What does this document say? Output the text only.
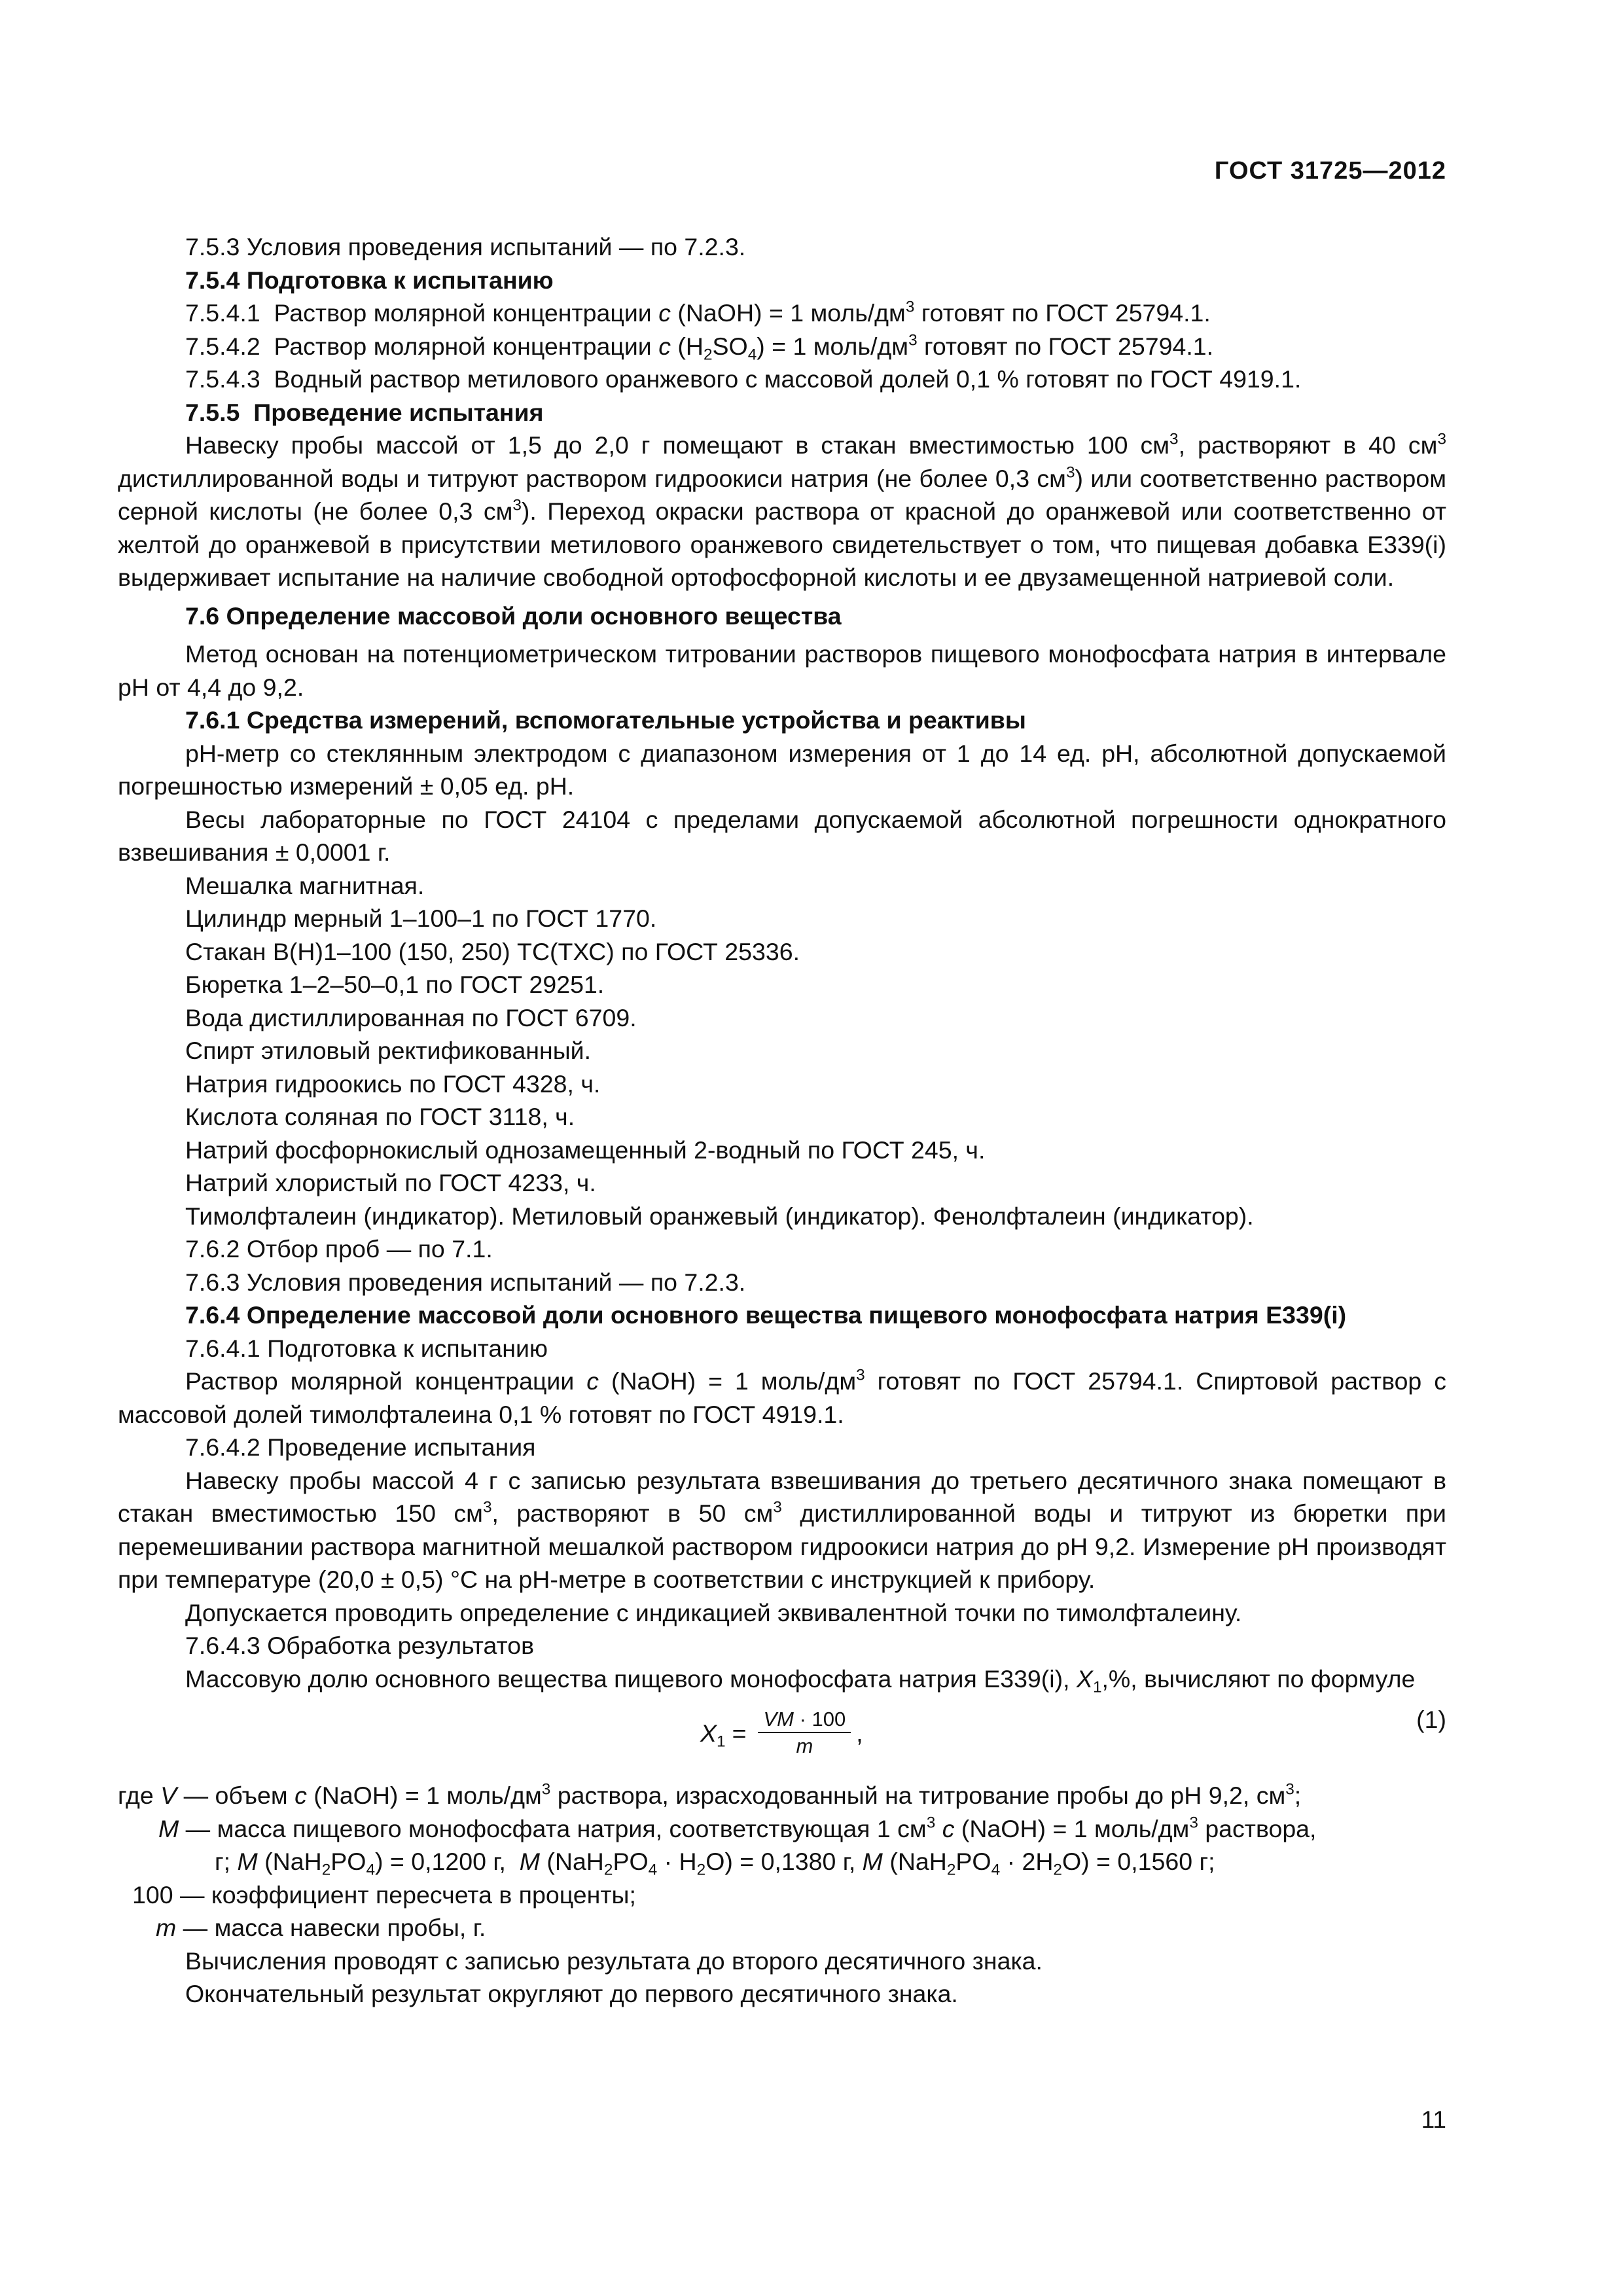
ГОСТ 31725—2012

7.5.3 Условия проведения испытаний — по 7.2.3.

7.5.4 Подготовка к испытанию

7.5.4.1  Раствор молярной концентрации c (NaOH) = 1 моль/$дм^3$ готовят по ГОСТ 25794.1.

7.5.4.2  Раствор молярной концентрации c $(H_2SO_4) = 1$ моль/$дм^3$ готовят по ГОСТ 25794.1.

7.5.4.3  Водный раствор метилового оранжевого с массовой долей 0,1 % готовят по ГОСТ 4919.1.

7.5.5  Проведение испытания

Навеску пробы массой от 1,5 до 2,0 г помещают в стакан вместимостью 100 $см^3$, растворяют в 40 $см^3$ дистиллированной воды и титруют раствором гидроокиси натрия (не более 0,3 $см^3$) или соответственно раствором серной кислоты (не более 0,3 $см^3$). Переход окраски раствора от красной до оранжевой или соответственно от желтой до оранжевой в присутствии метилового оранжевого свидетельствует о том, что пищевая добавка Е339(i) выдерживает испытание на наличие свободной ортофосфорной кислоты и ее двузамещенной натриевой соли.

7.6 Определение массовой доли основного вещества

Метод основан на потенциометрическом титровании растворов пищевого монофосфата натрия в интервале pH от 4,4 до 9,2.

7.6.1 Средства измерений, вспомогательные устройства и реактивы

pH-метр со стеклянным электродом с диапазоном измерения от 1 до 14 ед. pH, абсолютной допускаемой погрешностью измерений ± 0,05 ед. pH.

Весы лабораторные по ГОСТ 24104 с пределами допускаемой абсолютной погрешности однократного взвешивания ± 0,0001 г.

Мешалка магнитная.

Цилиндр мерный 1–100–1 по ГОСТ 1770.

Стакан В(Н)1–100 (150, 250) ТС(ТХС) по ГОСТ 25336.

Бюретка 1–2–50–0,1 по ГОСТ 29251.

Вода дистиллированная по ГОСТ 6709.

Спирт этиловый ректификованный.

Натрия гидроокись по ГОСТ 4328, ч.

Кислота соляная по ГОСТ 3118, ч.

Натрий фосфорнокислый однозамещенный 2-водный по ГОСТ 245, ч.

Натрий хлористый по ГОСТ 4233, ч.

Тимолфталеин (индикатор). Метиловый оранжевый (индикатор). Фенолфталеин (индикатор).

7.6.2 Отбор проб — по 7.1.

7.6.3 Условия проведения испытаний — по 7.2.3.

7.6.4 Определение массовой доли основного вещества пищевого монофосфата натрия Е339(i)

7.6.4.1 Подготовка к испытанию

Раствор молярной концентрации c (NaOH) = 1 моль/$дм^3$ готовят по ГОСТ 25794.1. Спиртовой раствор с массовой долей тимолфталеина 0,1 % готовят по ГОСТ 4919.1.

7.6.4.2 Проведение испытания

Навеску пробы массой 4 г с записью результата взвешивания до третьего десятичного знака помещают в стакан вместимостью 150 $см^3$, растворяют в 50 $см^3$ дистиллированной воды и титруют из бюретки при перемешивании раствора магнитной мешалкой раствором гидроокиси натрия до pH 9,2. Измерение pH производят при температуре (20,0 ± 0,5) °С на pH-метре в соответствии с инструкцией к прибору.

Допускается проводить определение с индикацией эквивалентной точки по тимолфталеину.

7.6.4.3 Обработка результатов

Массовую долю основного вещества пищевого монофосфата натрия Е339(i), $X_1,\%$, вычисляют по формуле

$X_1 = \frac{VM \cdot 100}{m}$ ,	(1)

где V — объем c (NaOH) = 1 моль/$дм^3$ раствора, израсходованный на титрование пробы до pH 9,2, $см^3$;

M — масса пищевого монофосфата натрия, соответствующая 1 $см^3$ c (NaOH) = 1 моль/$дм^3$ раствора,

г; M $(NaH_2PO_4) = 0,1200$ г,  M $(NaH_2PO_4 \cdot H_2O) = 0,1380$ г, M $(NaH_2PO_4 \cdot 2H_2O) = 0,1560$ г;

100 — коэффициент пересчета в проценты;

m — масса навески пробы, г.

Вычисления проводят с записью результата до второго десятичного знака.

Окончательный результат округляют до первого десятичного знака.

11
